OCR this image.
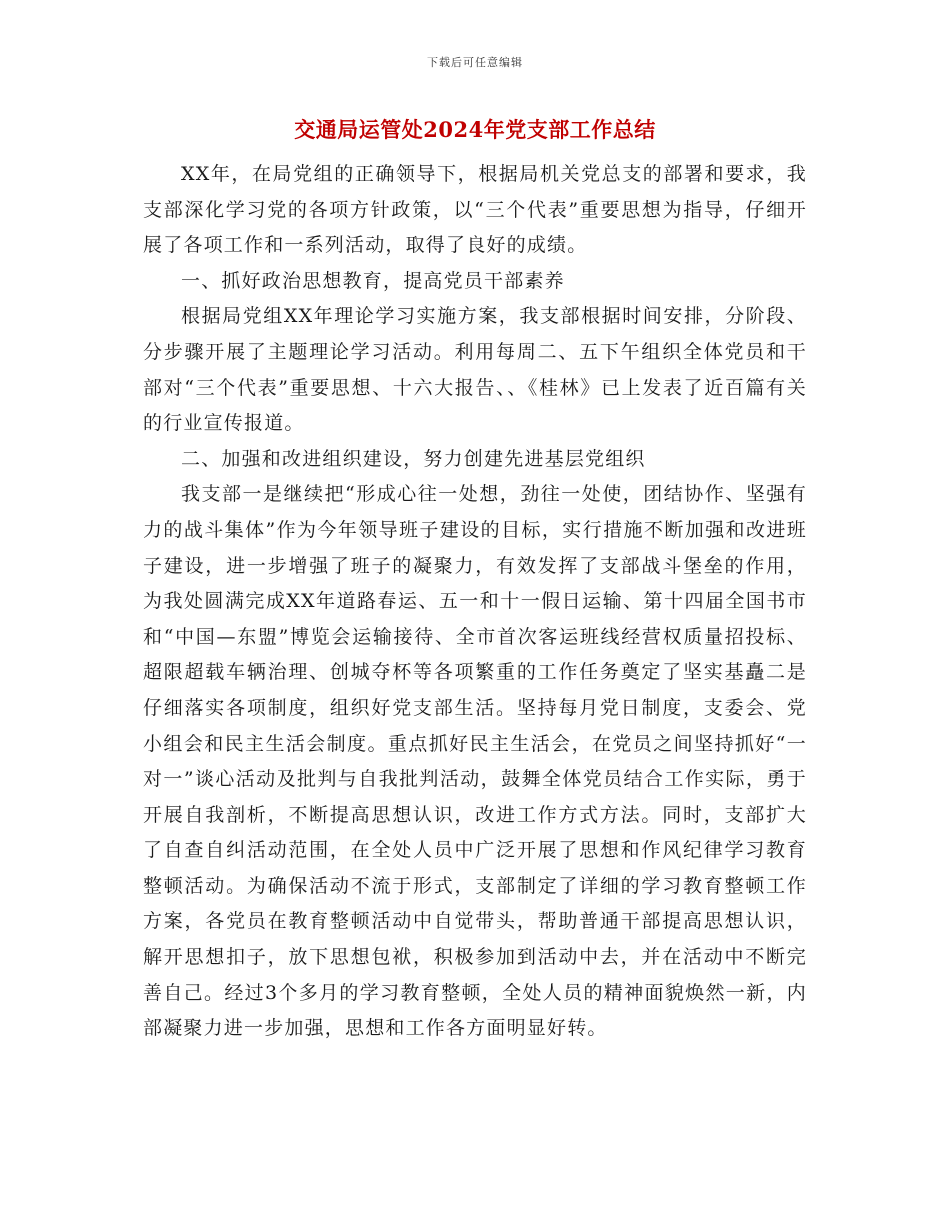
下载后可任意编辑
交通局运管处2024年党支部工作总结

XX年，在局党组的正确领导下，根据局机关党总支的部署和要求，我支部深化学习党的各项方针政策，以“三个代表”重要思想为指导，仔细开展了各项工作和一系列活动，取得了良好的成绩。

一、抓好政治思想教育，提高党员干部素养

根据局党组XX年理论学习实施方案，我支部根据时间安排，分阶段、分步骤开展了主题理论学习活动。利用每周二、五下午组织全体党员和干部对“三个代表”重要思想、十六大报告、、《桂林》已上发表了近百篇有关的行业宣传报道。

二、加强和改进组织建设，努力创建先进基层党组织

我支部一是继续把“形成心往一处想，劲往一处使，团结协作、坚强有力的战斗集体”作为今年领导班子建设的目标，实行措施不断加强和改进班子建设，进一步增强了班子的凝聚力，有效发挥了支部战斗堡垒的作用，为我处圆满完成XX年道路春运、五一和十一假日运输、第十四届全国书市和“中国—东盟”博览会运输接待、全市首次客运班线经营权质量招投标、超限超载车辆治理、创城夺杯等各项繁重的工作任务奠定了坚实基矗二是仔细落实各项制度，组织好党支部生活。坚持每月党日制度，支委会、党小组会和民主生活会制度。重点抓好民主生活会，在党员之间坚持抓好“一对一”谈心活动及批判与自我批判活动，鼓舞全体党员结合工作实际，勇于开展自我剖析，不断提高思想认识，改进工作方式方法。同时，支部扩大了自查自纠活动范围，在全处人员中广泛开展了思想和作风纪律学习教育整顿活动。为确保活动不流于形式，支部制定了详细的学习教育整顿工作方案，各党员在教育整顿活动中自觉带头，帮助普通干部提高思想认识，解开思想扣子，放下思想包袱，积极参加到活动中去，并在活动中不断完善自己。经过3个多月的学习教育整顿，全处人员的精神面貌焕然一新，内部凝聚力进一步加强，思想和工作各方面明显好转。
